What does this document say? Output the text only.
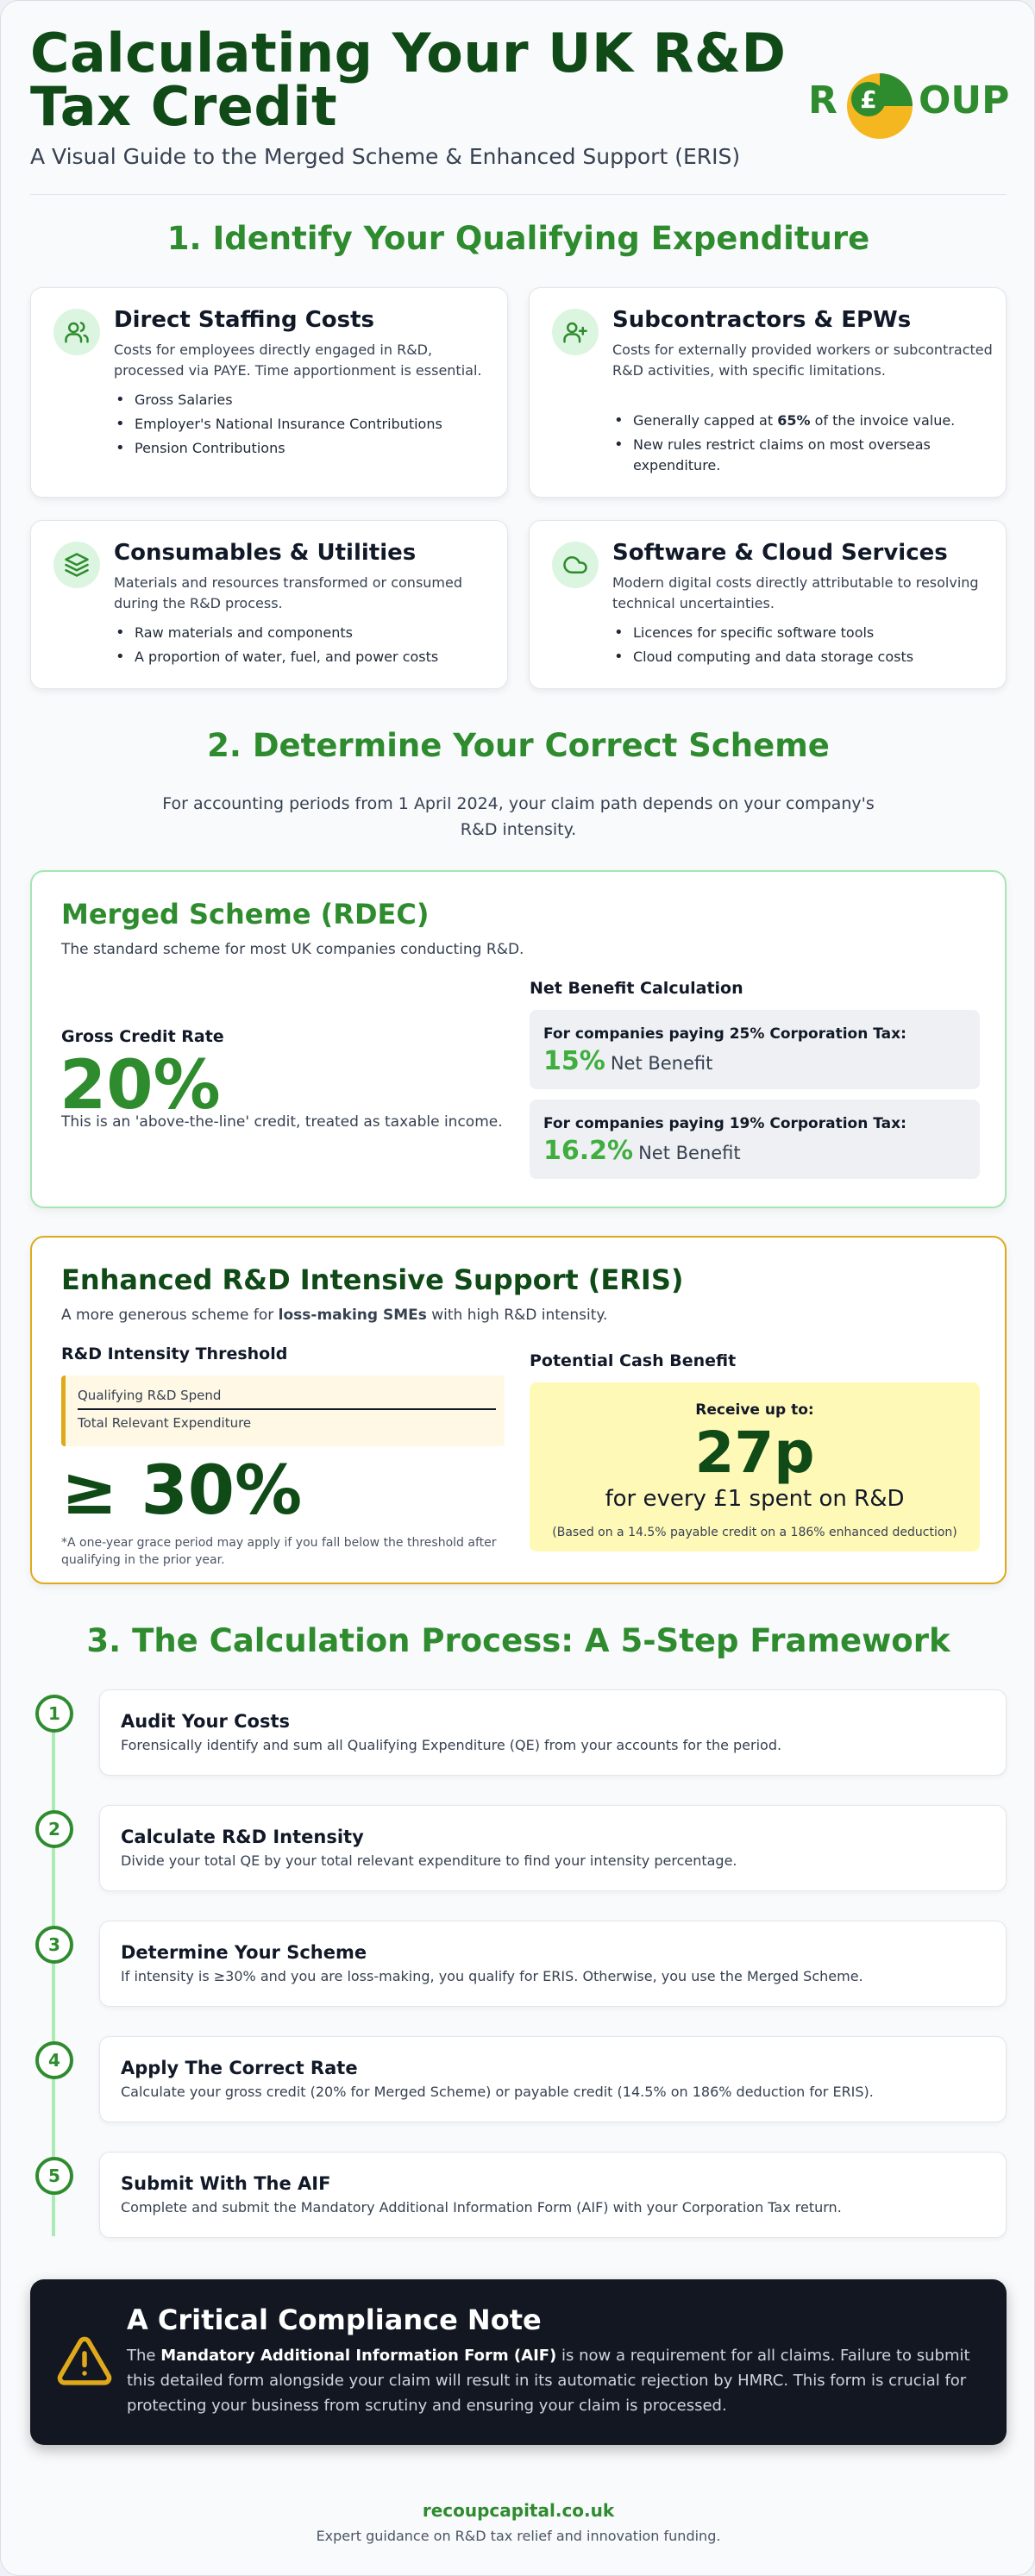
Calculating Your UK R&D
Tax Credit
A Visual Guide to the Merged Scheme & Enhanced Support (ERIS)
R £ OUP
1. Identify Your Qualifying Expenditure
Direct Staffing Costs
Costs for employees directly engaged in R&D, processed via PAYE. Time apportionment is essential.
• Gross Salaries
• Employer's National Insurance Contributions
• Pension Contributions
Subcontractors & EPWs
Costs for externally provided workers or subcontracted R&D activities, with specific limitations.
• Generally capped at 65% of the invoice value.
• New rules restrict claims on most overseas expenditure.
Consumables & Utilities
Materials and resources transformed or consumed during the R&D process.
• Raw materials and components
• A proportion of water, fuel, and power costs
Software & Cloud Services
Modern digital costs directly attributable to resolving technical uncertainties.
• Licences for specific software tools
• Cloud computing and data storage costs
2. Determine Your Correct Scheme
For accounting periods from 1 April 2024, your claim path depends on your company's R&D intensity.
Merged Scheme (RDEC)
The standard scheme for most UK companies conducting R&D.
Gross Credit Rate
20%
This is an 'above-the-line' credit, treated as taxable income.
Net Benefit Calculation
For companies paying 25% Corporation Tax:
15% Net Benefit
For companies paying 19% Corporation Tax:
16.2% Net Benefit
Enhanced R&D Intensive Support (ERIS)
A more generous scheme for loss-making SMEs with high R&D intensity.
R&D Intensity Threshold
Qualifying R&D Spend
Total Relevant Expenditure
≥ 30%
*A one-year grace period may apply if you fall below the threshold after qualifying in the prior year.
Potential Cash Benefit
Receive up to:
27p
for every £1 spent on R&D
(Based on a 14.5% payable credit on a 186% enhanced deduction)
3. The Calculation Process: A 5-Step Framework
1	Audit Your Costs
Forensically identify and sum all Qualifying Expenditure (QE) from your accounts for the period.
2	Calculate R&D Intensity
Divide your total QE by your total relevant expenditure to find your intensity percentage.
3	Determine Your Scheme
If intensity is ≥30% and you are loss-making, you qualify for ERIS. Otherwise, you use the Merged Scheme.
4	Apply The Correct Rate
Calculate your gross credit (20% for Merged Scheme) or payable credit (14.5% on 186% deduction for ERIS).
5	Submit With The AIF
Complete and submit the Mandatory Additional Information Form (AIF) with your Corporation Tax return.
A Critical Compliance Note
The Mandatory Additional Information Form (AIF) is now a requirement for all claims. Failure to submit this detailed form alongside your claim will result in its automatic rejection by HMRC. This form is crucial for protecting your business from scrutiny and ensuring your claim is processed.
recoupcapital.co.uk
Expert guidance on R&D tax relief and innovation funding.
